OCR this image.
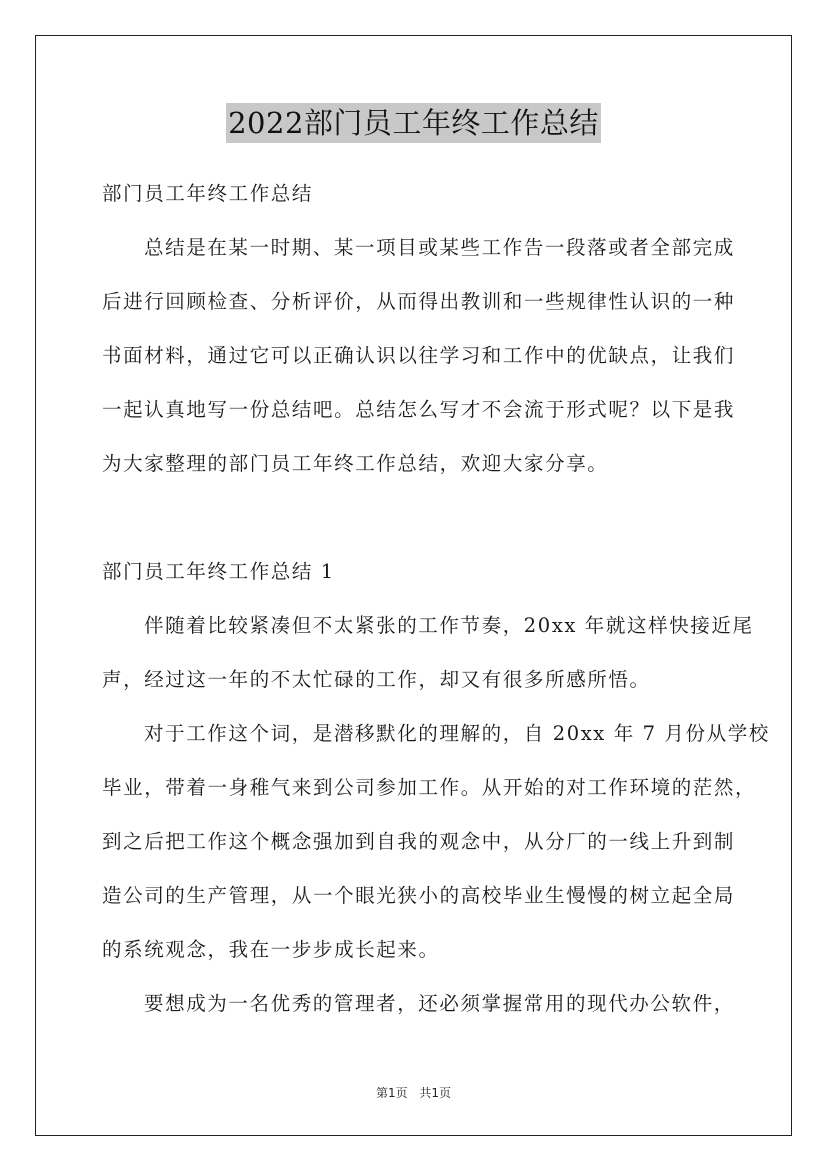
2022部门员工年终工作总结
部门员工年终工作总结
总结是在某一时期、某一项目或某些工作告一段落或者全部完成
后进行回顾检查、分析评价，从而得出教训和一些规律性认识的一种
书面材料，通过它可以正确认识以往学习和工作中的优缺点，让我们
一起认真地写一份总结吧。总结怎么写才不会流于形式呢？以下是我
为大家整理的部门员工年终工作总结，欢迎大家分享。
部门员工年终工作总结 1
伴随着比较紧凑但不太紧张的工作节奏，20xx 年就这样快接近尾
声，经过这一年的不太忙碌的工作，却又有很多所感所悟。
对于工作这个词，是潜移默化的理解的，自 20xx 年 7 月份从学校
毕业，带着一身稚气来到公司参加工作。从开始的对工作环境的茫然，
到之后把工作这个概念强加到自我的观念中，从分厂的一线上升到制
造公司的生产管理，从一个眼光狭小的高校毕业生慢慢的树立起全局
的系统观念，我在一步步成长起来。
要想成为一名优秀的管理者，还必须掌握常用的现代办公软件，
第1页 共1页
